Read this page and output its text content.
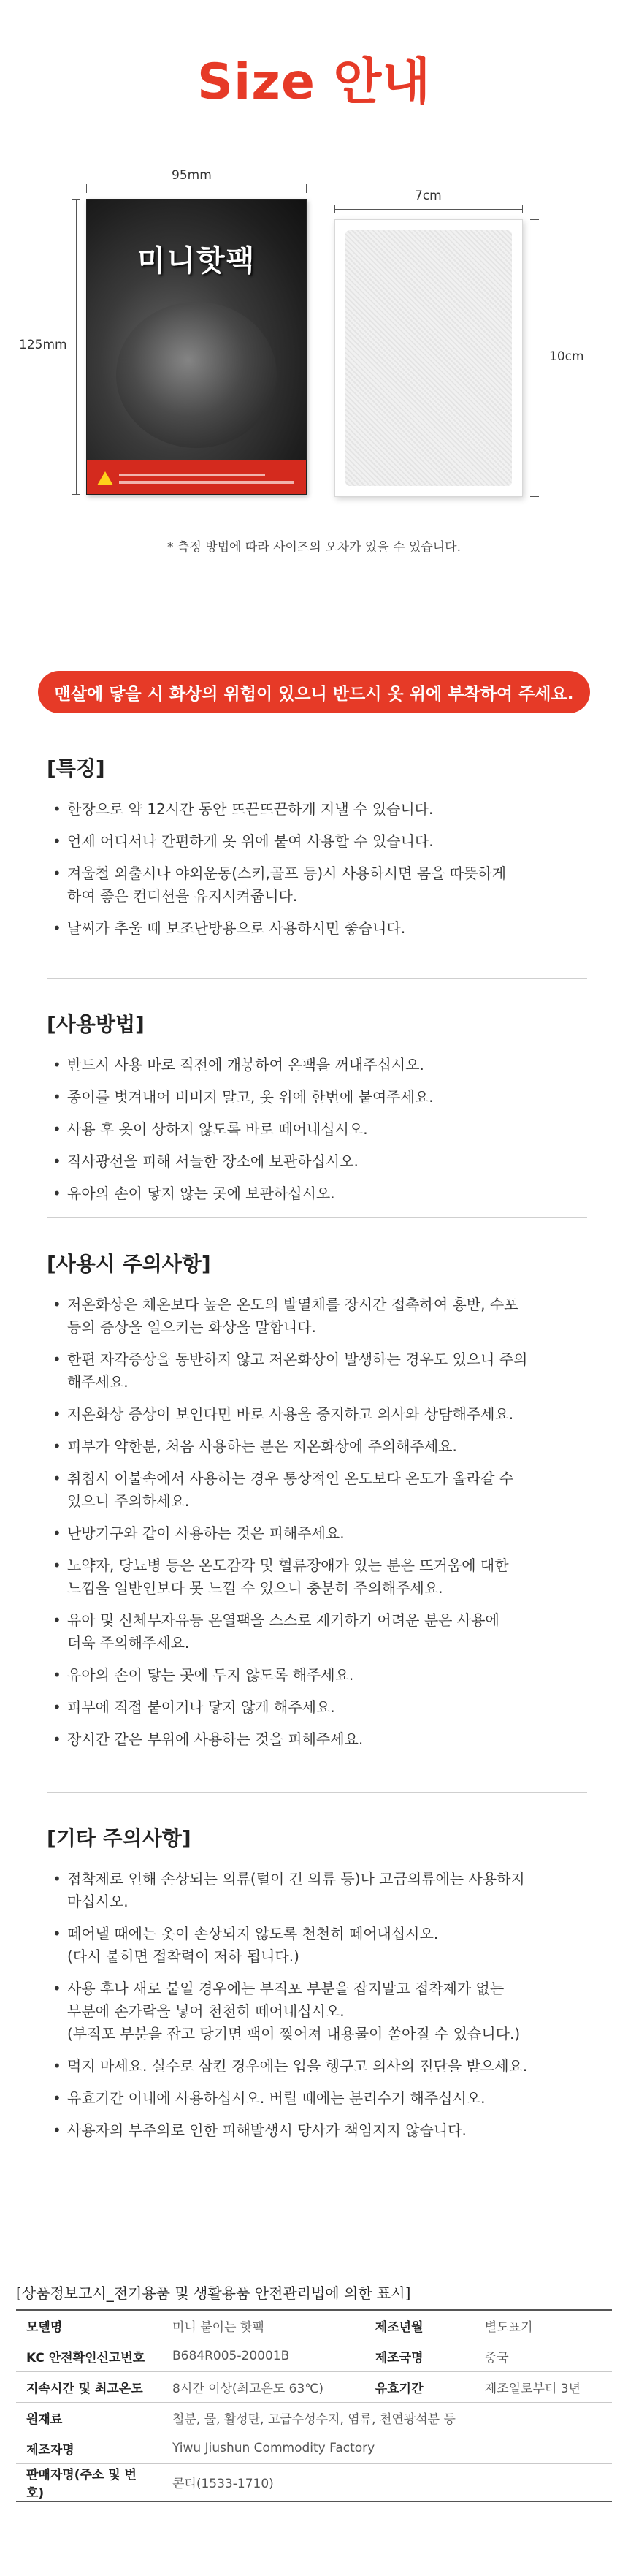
Size 안내
95mm
125mm
미니핫팩
7cm
10cm
* 측정 방법에 따라 사이즈의 오차가 있을 수 있습니다.
맨살에 닿을 시 화상의 위험이 있으니 반드시 옷 위에 부착하여 주세요.
[특징]
• 한장으로 약 12시간 동안 뜨끈뜨끈하게 지낼 수 있습니다.
• 언제 어디서나 간편하게 옷 위에 붙여 사용할 수 있습니다.
• 겨울철 외출시나 야외운동(스키,골프 등)시 사용하시면 몸을 따뜻하게
하여 좋은 컨디션을 유지시켜줍니다.
• 날씨가 추울 때 보조난방용으로 사용하시면 좋습니다.
[사용방법]
• 반드시 사용 바로 직전에 개봉하여 온팩을 꺼내주십시오.
• 종이를 벗겨내어 비비지 말고, 옷 위에 한번에 붙여주세요.
• 사용 후 옷이 상하지 않도록 바로 떼어내십시오.
• 직사광선을 피해 서늘한 장소에 보관하십시오.
• 유아의 손이 닿지 않는 곳에 보관하십시오.
[사용시 주의사항]
• 저온화상은 체온보다 높은 온도의 발열체를 장시간 접촉하여 홍반, 수포
등의 증상을 일으키는 화상을 말합니다.
• 한편 자각증상을 동반하지 않고 저온화상이 발생하는 경우도 있으니 주의
해주세요.
• 저온화상 증상이 보인다면 바로 사용을 중지하고 의사와 상담해주세요.
• 피부가 약한분, 처음 사용하는 분은 저온화상에 주의해주세요.
• 취침시 이불속에서 사용하는 경우 통상적인 온도보다 온도가 올라갈 수
있으니 주의하세요.
• 난방기구와 같이 사용하는 것은 피해주세요.
• 노약자, 당뇨병 등은 온도감각 및 혈류장애가 있는 분은 뜨거움에 대한
느낌을 일반인보다 못 느낄 수 있으니 충분히 주의해주세요.
• 유아 및 신체부자유등 온열팩을 스스로 제거하기 어려운 분은 사용에
더욱 주의해주세요.
• 유아의 손이 닿는 곳에 두지 않도록 해주세요.
• 피부에 직접 붙이거나 닿지 않게 해주세요.
• 장시간 같은 부위에 사용하는 것을 피해주세요.
[기타 주의사항]
• 접착제로 인해 손상되는 의류(털이 긴 의류 등)나 고급의류에는 사용하지
마십시오.
• 떼어낼 때에는 옷이 손상되지 않도록 천천히 떼어내십시오.
(다시 붙히면 접착력이 저하 됩니다.)
• 사용 후나 새로 붙일 경우에는 부직포 부분을 잡지말고 접착제가 없는
부분에 손가락을 넣어 천천히 떼어내십시오.
(부직포 부분을 잡고 당기면 팩이 찢어져 내용물이 쏟아질 수 있습니다.)
• 먹지 마세요. 실수로 삼킨 경우에는 입을 헹구고 의사의 진단을 받으세요.
• 유효기간 이내에 사용하십시오. 버릴 때에는 분리수거 해주십시오.
• 사용자의 부주의로 인한 피해발생시 당사가 책임지지 않습니다.
[상품정보고시_전기용품 및 생활용품 안전관리법에 의한 표시]
모델명	미니 붙이는 핫팩	제조년월	별도표기
KC 안전확인신고번호	B684R005-20001B	제조국명	중국
지속시간 및 최고온도	8시간 이상(최고온도 63℃)	유효기간	제조일로부터 3년
원재료	철분, 물, 활성탄, 고급수성수지, 염류, 천연광석분 등		
제조자명	Yiwu Jiushun Commodity Factory		
판매자명(주소 및 번호)	콘티(1533-1710)		
